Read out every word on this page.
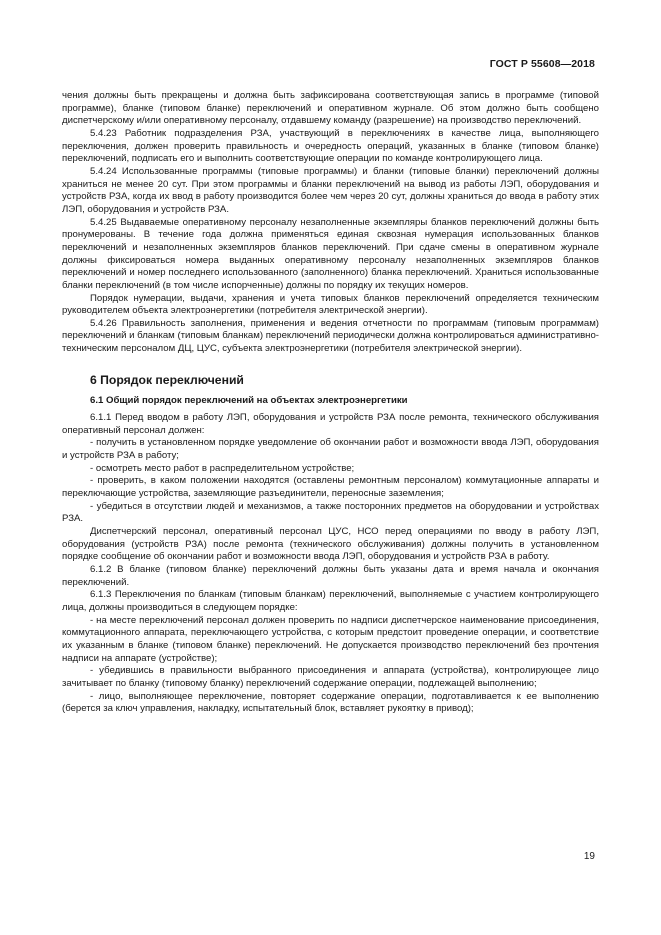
ГОСТ Р 55608—2018

чения должны быть прекращены и должна быть зафиксирована соответствующая запись в программе (типовой программе), бланке (типовом бланке) переключений и оперативном журнале. Об этом должно быть сообщено диспетчерскому и/или оперативному персоналу, отдавшему команду (разрешение) на производство переключений.

5.4.23 Работник подразделения РЗА, участвующий в переключениях в качестве лица, выполняющего переключения, должен проверить правильность и очередность операций, указанных в бланке (типовом бланке) переключений, подписать его и выполнить соответствующие операции по команде контролирующего лица.

5.4.24 Использованные программы (типовые программы) и бланки (типовые бланки) переключений должны храниться не менее 20 сут. При этом программы и бланки переключений на вывод из работы ЛЭП, оборудования и устройств РЗА, когда их ввод в работу производится более чем через 20 сут, должны храниться до ввода в работу этих ЛЭП, оборудования и устройств РЗА.

5.4.25 Выдаваемые оперативному персоналу незаполненные экземпляры бланков переключений должны быть пронумерованы. В течение года должна применяться единая сквозная нумерация использованных бланков переключений и незаполненных экземпляров бланков переключений. При сдаче смены в оперативном журнале должны фиксироваться номера выданных оперативному персоналу незаполненных экземпляров бланков переключений и номер последнего использованного (заполненного) бланка переключений. Храниться использованные бланки переключений (в том числе испорченные) должны по порядку их текущих номеров.

Порядок нумерации, выдачи, хранения и учета типовых бланков переключений определяется техническим руководителем объекта электроэнергетики (потребителя электрической энергии).

5.4.26 Правильность заполнения, применения и ведения отчетности по программам (типовым программам) переключений и бланкам (типовым бланкам) переключений периодически должна контролироваться административно-техническим персоналом ДЦ, ЦУС, субъекта электроэнергетики (потребителя электрической энергии).

6 Порядок переключений
6.1 Общий порядок переключений на объектах электроэнергетики

6.1.1 Перед вводом в работу ЛЭП, оборудования и устройств РЗА после ремонта, технического обслуживания оперативный персонал должен:

- получить в установленном порядке уведомление об окончании работ и возможности ввода ЛЭП, оборудования и устройств РЗА в работу;

- осмотреть место работ в распределительном устройстве;

- проверить, в каком положении находятся (оставлены ремонтным персоналом) коммутационные аппараты и переключающие устройства, заземляющие разъединители, переносные заземления;

- убедиться в отсутствии людей и механизмов, а также посторонних предметов на оборудовании и устройствах РЗА.

Диспетчерский персонал, оперативный персонал ЦУС, НСО перед операциями по вводу в работу ЛЭП, оборудования (устройств РЗА) после ремонта (технического обслуживания) должны получить в установленном порядке сообщение об окончании работ и возможности ввода ЛЭП, оборудования и устройств РЗА в работу.

6.1.2 В бланке (типовом бланке) переключений должны быть указаны дата и время начала и окончания переключений.

6.1.3 Переключения по бланкам (типовым бланкам) переключений, выполняемые с участием контролирующего лица, должны производиться в следующем порядке:

- на месте переключений персонал должен проверить по надписи диспетчерское наименование присоединения, коммутационного аппарата, переключающего устройства, с которым предстоит проведение операции, и соответствие их указанным в бланке (типовом бланке) переключений. Не допускается производство переключений без прочтения надписи на аппарате (устройстве);

- убедившись в правильности выбранного присоединения и аппарата (устройства), контролирующее лицо зачитывает по бланку (типовому бланку) переключений содержание операции, подлежащей выполнению;

- лицо, выполняющее переключение, повторяет содержание операции, подготавливается к ее выполнению (берется за ключ управления, накладку, испытательный блок, вставляет рукоятку в привод);

19
